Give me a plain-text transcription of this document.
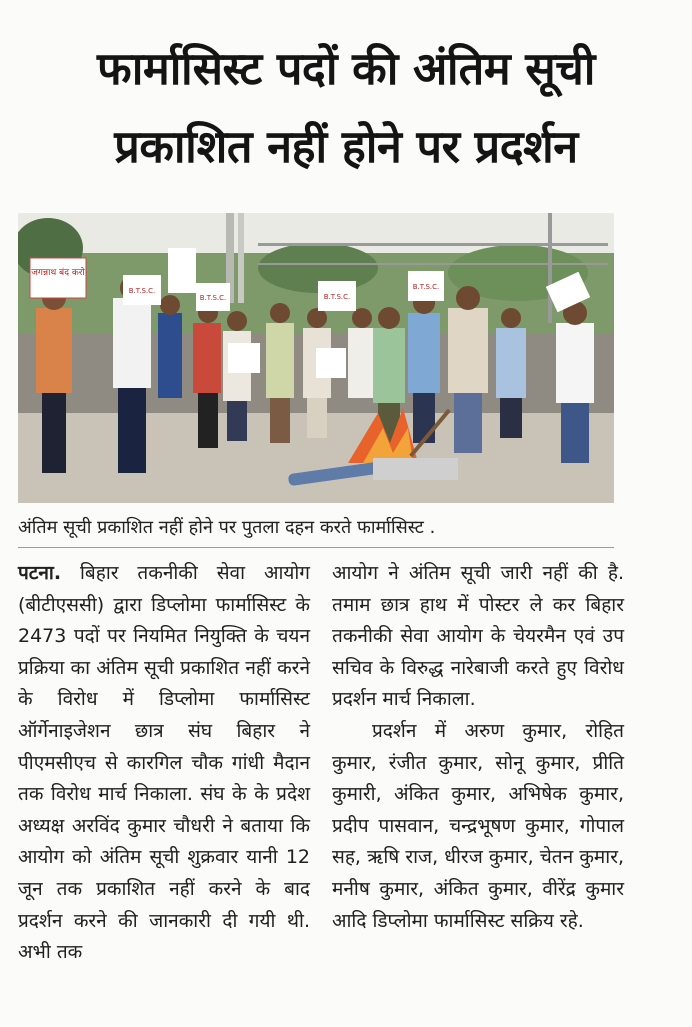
फार्मासिस्ट पदों की अंतिम सूची
प्रकाशित नहीं होने पर प्रदर्शन
जगन्नाथ बंद करो
B.T.S.C.
B.T.S.C.	B.T.S.C.
B.T.S.C.

अंतिम सूची प्रकाशित नहीं होने पर पुतला दहन करते फार्मासिस्ट .

पटना. बिहार तकनीकी सेवा आयोग (बीटीएससी) द्वारा डिप्लोमा फार्मासिस्ट के 2473 पदों पर नियमित नियुक्ति के चयन प्रक्रिया का अंतिम सूची प्रकाशित नहीं करने के विरोध में डिप्लोमा फार्मासिस्ट ऑर्गेनाइजेशन छात्र संघ बिहार ने पीएमसीएच से कारगिल चौक गांधी मैदान तक विरोध मार्च निकाला. संघ के के प्रदेश अध्यक्ष अरविंद कुमार चौधरी ने बताया कि आयोग को अंतिम सूची शुक्रवार यानी 12 जून तक प्रकाशित नहीं करने के बाद प्रदर्शन करने की जानकारी दी गयी थी. अभी तक

आयोग ने अंतिम सूची जारी नहीं की है. तमाम छात्र हाथ में पोस्टर ले कर बिहार तकनीकी सेवा आयोग के चेयरमैन एवं उप सचिव के विरुद्ध नारेबाजी करते हुए विरोध प्रदर्शन मार्च निकाला.

प्रदर्शन में अरुण कुमार, रोहित कुमार, रंजीत कुमार, सोनू कुमार, प्रीति कुमारी, अंकित कुमार, अभिषेक कुमार, प्रदीप पासवान, चन्द्रभूषण कुमार, गोपाल सह, ऋषि राज, धीरज कुमार, चेतन कुमार, मनीष कुमार, अंकित कुमार, वीरेंद्र कुमार आदि डिप्लोमा फार्मासिस्ट सक्रिय रहे.
